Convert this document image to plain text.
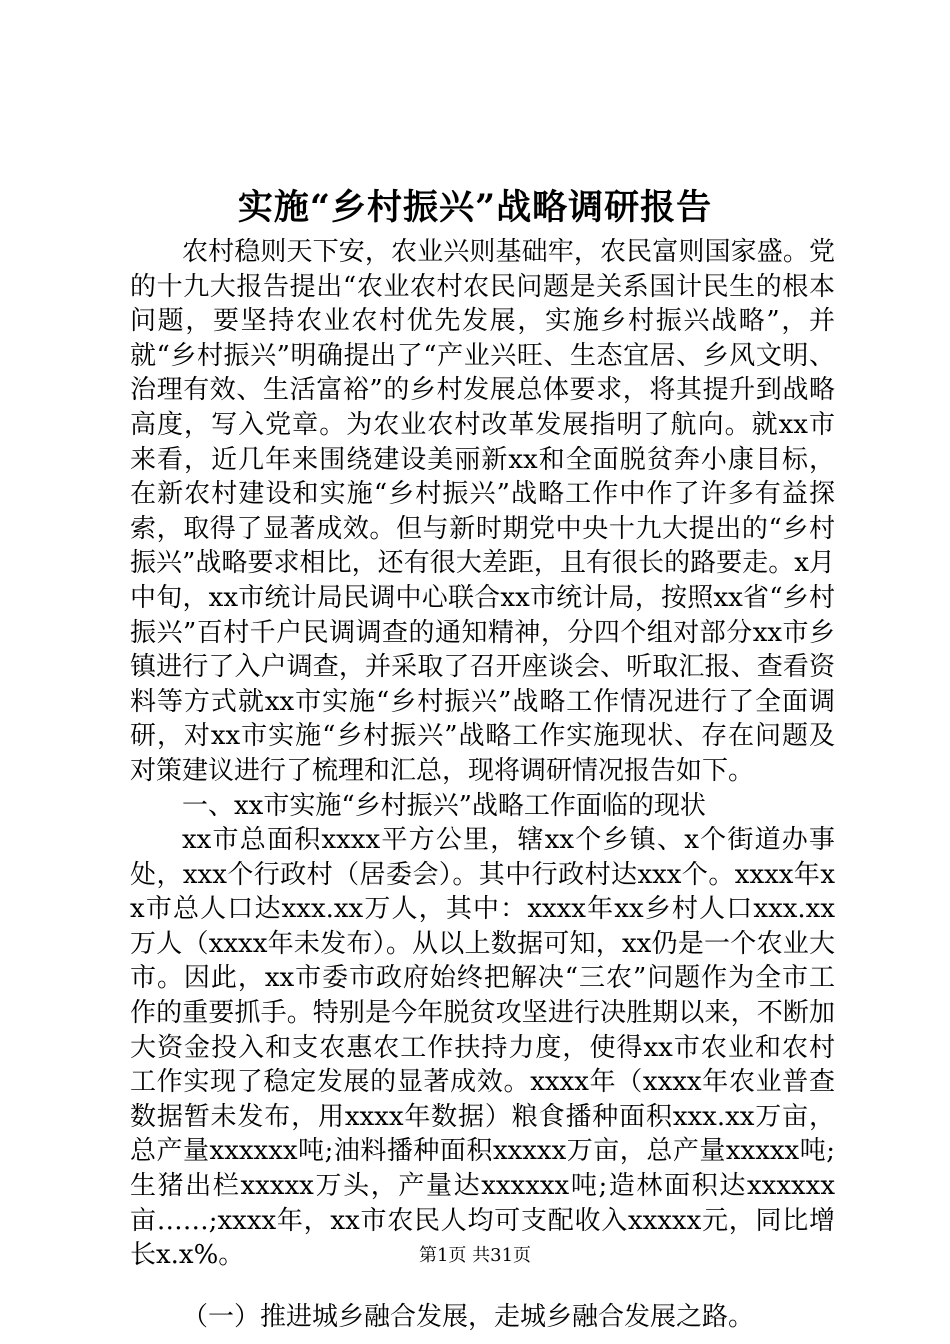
实施“乡村振兴”战略调研报告

农村稳则天下安，农业兴则基础牢，农民富则国家盛。党的十九大报告提出“农业农村农民问题是关系国计民生的根本问题，要坚持农业农村优先发展，实施乡村振兴战略”，并就“乡村振兴”明确提出了“产业兴旺、生态宜居、乡风文明、治理有效、生活富裕”的乡村发展总体要求，将其提升到战略高度，写入党章。为农业农村改革发展指明了航向。就xx市来看，近几年来围绕建设美丽新xx和全面脱贫奔小康目标，在新农村建设和实施“乡村振兴”战略工作中作了许多有益探索，取得了显著成效。但与新时期党中央十九大提出的“乡村振兴”战略要求相比，还有很大差距，且有很长的路要走。x月中旬，xx市统计局民调中心联合xx市统计局，按照xx省“乡村振兴”百村千户民调调查的通知精神，分四个组对部分xx市乡镇进行了入户调查，并采取了召开座谈会、听取汇报、查看资料等方式就xx市实施“乡村振兴”战略工作情况进行了全面调研，对xx市实施“乡村振兴”战略工作实施现状、存在问题及对策建议进行了梳理和汇总，现将调研情况报告如下。

一、xx市实施“乡村振兴”战略工作面临的现状

xx市总面积xxxx平方公里，辖xx个乡镇、x个街道办事处，xxx个行政村（居委会）。其中行政村达xxx个。xxxx年xx市总人口达xxx.xx万人，其中：xxxx年xx乡村人口xxx.xx万人（xxxx年未发布）。从以上数据可知，xx仍是一个农业大市。因此，xx市委市政府始终把解决“三农”问题作为全市工作的重要抓手。特别是今年脱贫攻坚进行决胜期以来，不断加大资金投入和支农惠农工作扶持力度，使得xx市农业和农村工作实现了稳定发展的显著成效。xxxx年（xxxx年农业普查数据暂未发布，用xxxx年数据）粮食播种面积xxx.xx万亩，总产量xxxxxx吨;油料播种面积xxxxx万亩，总产量xxxxx吨;生猪出栏xxxxx万头，产量达xxxxxx吨;造林面积达xxxxxx亩……;xxxx年，xx市农民人均可支配收入xxxxx元，同比增长x.x%。

（一）推进城乡融合发展，走城乡融合发展之路。

第1页 共31页
